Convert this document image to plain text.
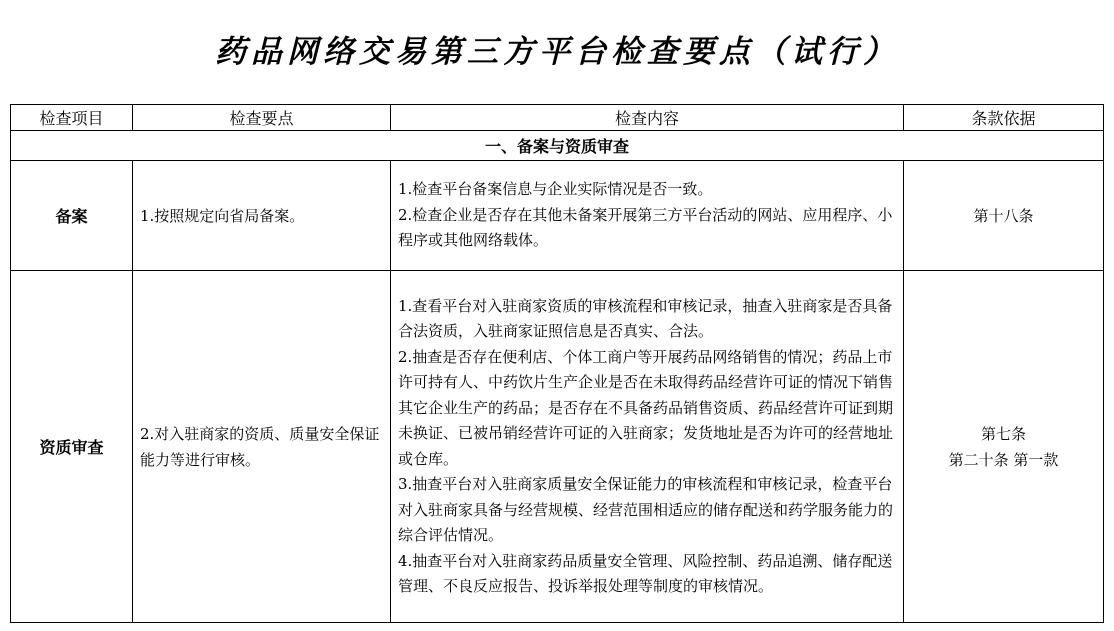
药品网络交易第三方平台检查要点（试行）
检查项目	检查要点	检查内容	条款依据
一、备案与资质审查			
备案	1.按照规定向省局备案。	1.检查平台备案信息与企业实际情况是否一致。
2.检查企业是否存在其他未备案开展第三方平台活动的网站、应用程序、小程序或其他网络载体。	第十八条

资质审查	2.对入驻商家的资质、质量安全保证能力等进行审核。	1.查看平台对入驻商家资质的审核流程和审核记录，抽查入驻商家是否具备合法资质，入驻商家证照信息是否真实、合法。
2.抽查是否存在便利店、个体工商户等开展药品网络销售的情况；药品上市许可持有人、中药饮片生产企业是否在未取得药品经营许可证的情况下销售其它企业生产的药品；是否存在不具备药品销售资质、药品经营许可证到期未换证、已被吊销经营许可证的入驻商家；发货地址是否为许可的经营地址或仓库。
3.抽查平台对入驻商家质量安全保证能力的审核流程和审核记录，检查平台对入驻商家具备与经营规模、经营范围相适应的储存配送和药学服务能力的综合评估情况。
4.抽查平台对入驻商家药品质量安全管理、风险控制、药品追溯、储存配送管理、不良反应报告、投诉举报处理等制度的审核情况。	第七条
第二十条 第一款
